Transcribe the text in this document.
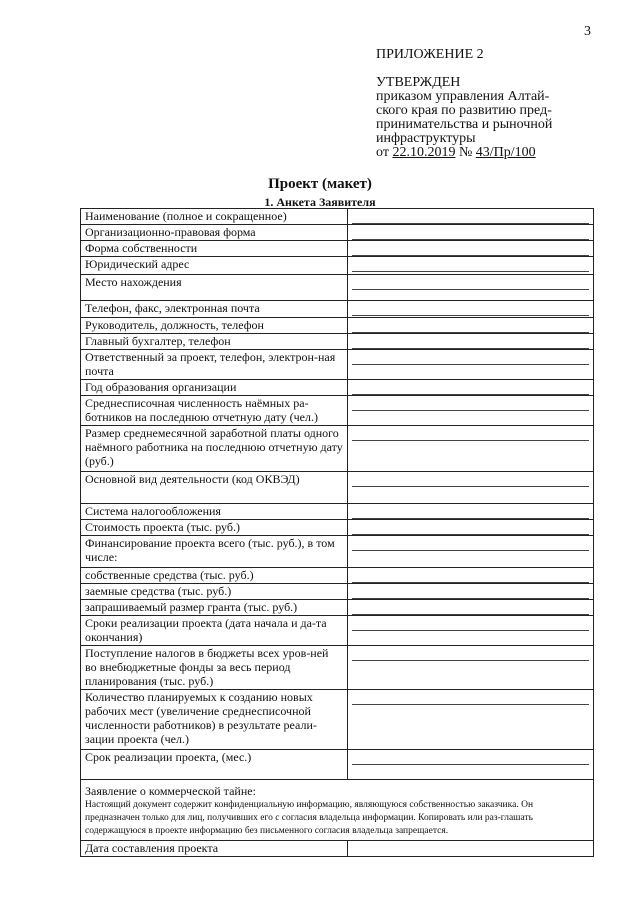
3
ПРИЛОЖЕНИЕ 2
УТВЕРЖДЕН
приказом управления Алтай-
ского края по развитию пред-
принимательства и рыночной
инфраструктуры
от 22.10.2019 № 43/Пр/100
Проект (макет)
1. Анкета Заявителя
Наименование (полное и сокращенное)	

Организационно-правовая форма	

Форма собственности	

Юридический адрес	

Место нахождения	

Телефон, факс, электронная почта	

Руководитель, должность, телефон	

Главный бухгалтер, телефон	

Ответственный за проект, телефон, электрон-ная почта	

Год образования организации	

Среднесписочная численность наёмных ра-ботников на последнюю отчетную дату (чел.)	

Размер среднемесячной заработной платы одного наёмного работника на последнюю отчетную дату (руб.)	

Основной вид деятельности (код ОКВЭД)	

Система налогообложения	

Стоимость проекта (тыс. руб.)	

Финансирование проекта всего (тыс. руб.), в том числе:	

собственные средства (тыс. руб.)	

заемные средства (тыс. руб.)	

запрашиваемый размер гранта (тыс. руб.)	

Сроки реализации проекта (дата начала и да-та окончания)	

Поступление налогов в бюджеты всех уров-ней во внебюджетные фонды за весь период планирования (тыс. руб.)	

Количество планируемых к созданию новых рабочих мест (увеличение среднесписочной численности работников) в результате реали-зации проекта (чел.)	

Срок реализации проекта, (мес.)	

Заявление о коммерческой тайне:
Настоящий документ содержит конфиденциальную информацию, являющуюся собственностью заказчика. Он предназначен только для лиц, получивших его с согласия владельца информации. Копировать или раз-глашать содержащуюся в проекте информацию без письменного согласия владельца запрещается.	

Дата составления проекта	
